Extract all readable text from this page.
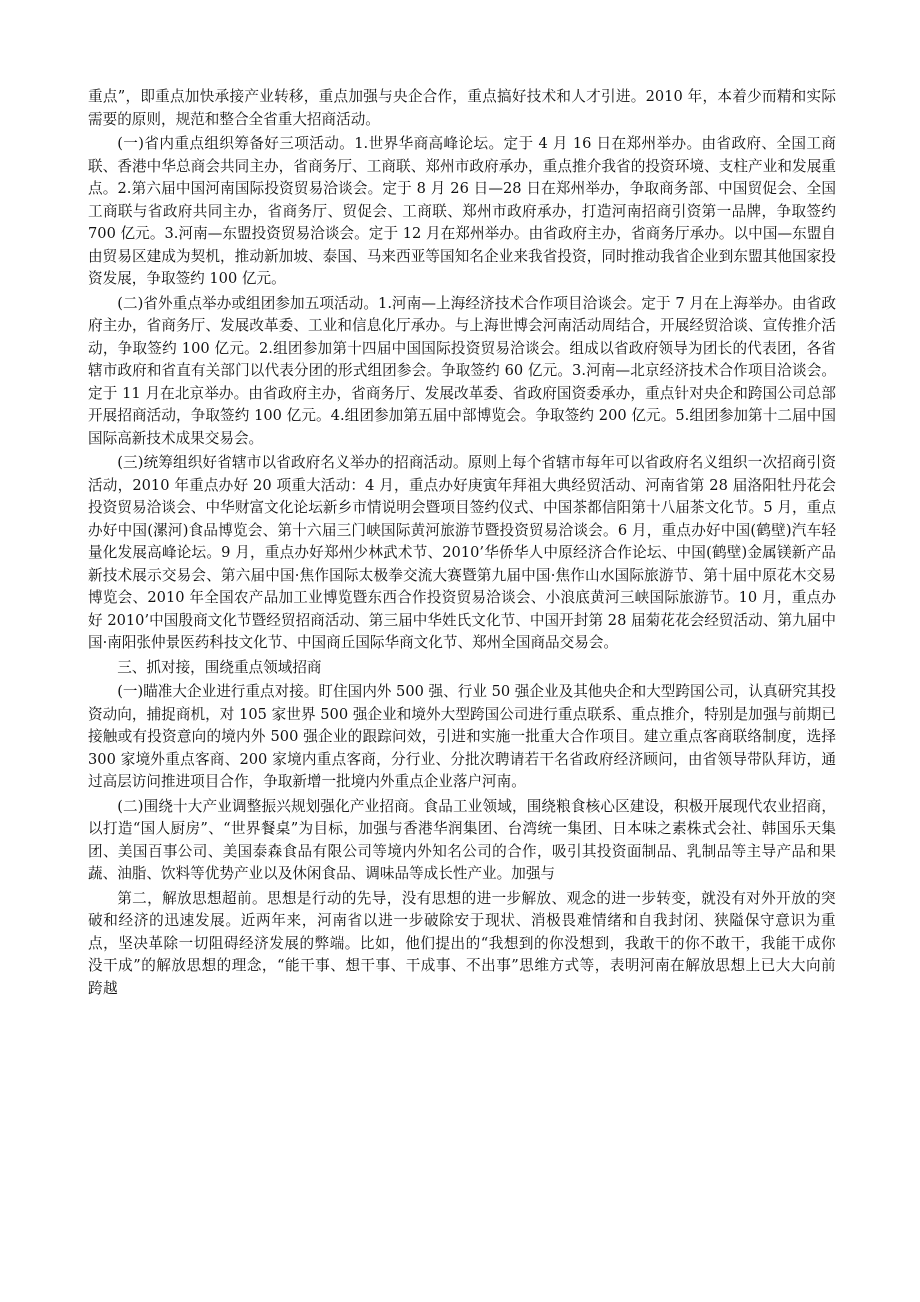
重点”，即重点加快承接产业转移，重点加强与央企合作，重点搞好技术和人才引进。2010 年，本着少而精和实际需要的原则，规范和整合全省重大招商活动。

(一)省内重点组织筹备好三项活动。1.世界华商高峰论坛。定于 4 月 16 日在郑州举办。由省政府、全国工商联、香港中华总商会共同主办，省商务厅、工商联、郑州市政府承办，重点推介我省的投资环境、支柱产业和发展重点。2.第六届中国河南国际投资贸易洽谈会。定于 8 月 26 日—28 日在郑州举办，争取商务部、中国贸促会、全国工商联与省政府共同主办，省商务厅、贸促会、工商联、郑州市政府承办，打造河南招商引资第一品牌，争取签约 700 亿元。3.河南—东盟投资贸易洽谈会。定于 12 月在郑州举办。由省政府主办，省商务厅承办。以中国—东盟自由贸易区建成为契机，推动新加坡、泰国、马来西亚等国知名企业来我省投资，同时推动我省企业到东盟其他国家投资发展，争取签约 100 亿元。

(二)省外重点举办或组团参加五项活动。1.河南—上海经济技术合作项目洽谈会。定于 7 月在上海举办。由省政府主办，省商务厅、发展改革委、工业和信息化厅承办。与上海世博会河南活动周结合，开展经贸洽谈、宣传推介活动，争取签约 100 亿元。2.组团参加第十四届中国国际投资贸易洽谈会。组成以省政府领导为团长的代表团，各省辖市政府和省直有关部门以代表分团的形式组团参会。争取签约 60 亿元。3.河南—北京经济技术合作项目洽谈会。定于 11 月在北京举办。由省政府主办，省商务厅、发展改革委、省政府国资委承办，重点针对央企和跨国公司总部开展招商活动，争取签约 100 亿元。4.组团参加第五届中部博览会。争取签约 200 亿元。5.组团参加第十二届中国国际高新技术成果交易会。

(三)统筹组织好省辖市以省政府名义举办的招商活动。原则上每个省辖市每年可以省政府名义组织一次招商引资活动，2010 年重点办好 20 项重大活动：4 月，重点办好庚寅年拜祖大典经贸活动、河南省第 28 届洛阳牡丹花会投资贸易洽谈会、中华财富文化论坛新乡市情说明会暨项目签约仪式、中国茶都信阳第十八届茶文化节。5 月，重点办好中国(漯河)食品博览会、第十六届三门峡国际黄河旅游节暨投资贸易洽谈会。6 月，重点办好中国(鹤壁)汽车轻量化发展高峰论坛。9 月，重点办好郑州少林武术节、2010’华侨华人中原经济合作论坛、中国(鹤壁)金属镁新产品新技术展示交易会、第六届中国·焦作国际太极拳交流大赛暨第九届中国·焦作山水国际旅游节、第十届中原花木交易博览会、2010 年全国农产品加工业博览暨东西合作投资贸易洽谈会、小浪底黄河三峡国际旅游节。10 月，重点办好 2010’中国殷商文化节暨经贸招商活动、第三届中华姓氏文化节、中国开封第 28 届菊花花会经贸活动、第九届中国·南阳张仲景医药科技文化节、中国商丘国际华商文化节、郑州全国商品交易会。

三、抓对接，围绕重点领域招商

(一)瞄准大企业进行重点对接。盯住国内外 500 强、行业 50 强企业及其他央企和大型跨国公司，认真研究其投资动向，捕捉商机，对 105 家世界 500 强企业和境外大型跨国公司进行重点联系、重点推介，特别是加强与前期已接触或有投资意向的境内外 500 强企业的跟踪问效，引进和实施一批重大合作项目。建立重点客商联络制度，选择 300 家境外重点客商、200 家境内重点客商，分行业、分批次聘请若干名省政府经济顾问，由省领导带队拜访，通过高层访问推进项目合作，争取新增一批境内外重点企业落户河南。

(二)围绕十大产业调整振兴规划强化产业招商。食品工业领域，围绕粮食核心区建设，积极开展现代农业招商，以打造“国人厨房”、“世界餐桌”为目标，加强与香港华润集团、台湾统一集团、日本味之素株式会社、韩国乐天集团、美国百事公司、美国泰森食品有限公司等境内外知名公司的合作，吸引其投资面制品、乳制品等主导产品和果蔬、油脂、饮料等优势产业以及休闲食品、调味品等成长性产业。加强与

第二，解放思想超前。思想是行动的先导，没有思想的进一步解放、观念的进一步转变，就没有对外开放的突破和经济的迅速发展。近两年来，河南省以进一步破除安于现状、消极畏难情绪和自我封闭、狭隘保守意识为重点，坚决革除一切阻碍经济发展的弊端。比如，他们提出的“我想到的你没想到，我敢干的你不敢干，我能干成你没干成”的解放思想的理念，“能干事、想干事、干成事、不出事”思维方式等，表明河南在解放思想上已大大向前跨越
